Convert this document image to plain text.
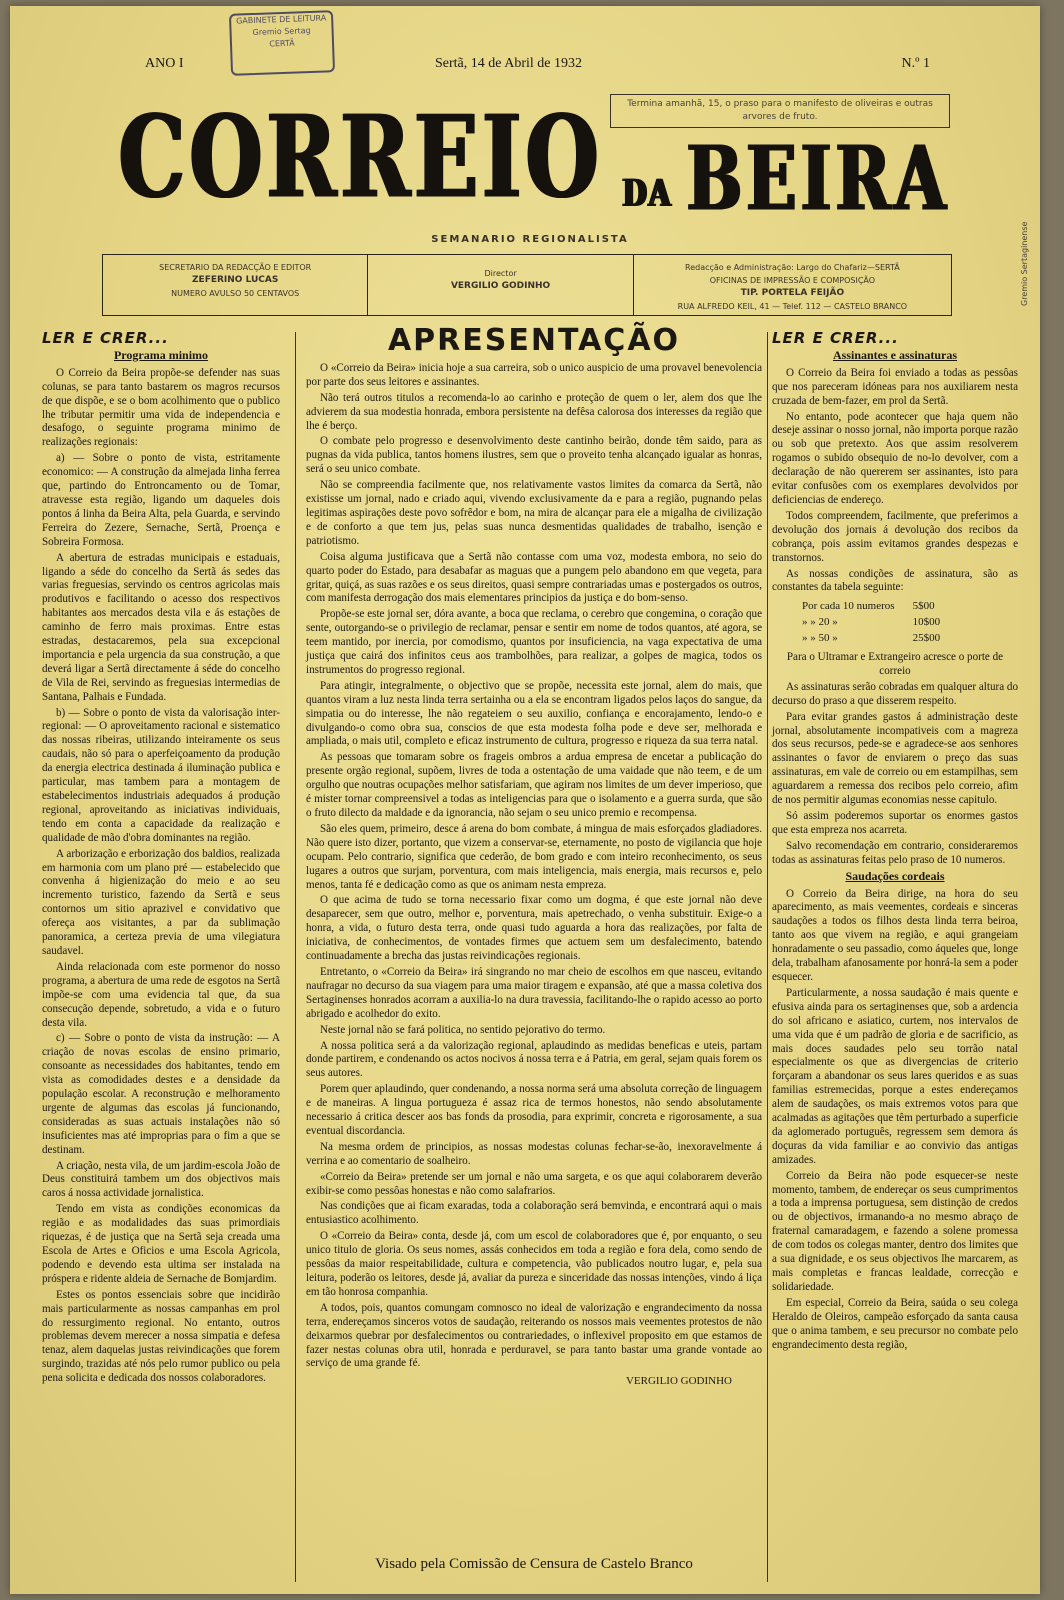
GABINETE DE LEITURA
Gremio Sertag
CERTÃ
ANO I	Sertã, 14 de Abril de 1932	N.º 1
Termina amanhã, 15, o praso para o manifesto de oliveiras e outras arvores de fruto.
CORREIO DA BEIRA
SEMANARIO REGIONALISTA
SECRETARIO DA REDACÇÃO E EDITOR
ZEFERINO LUCAS
NUMERO AVULSO 50 CENTAVOS
Director
VERGILIO GODINHO
Redacção e Administração: Largo do Chafariz—SERTÃ
OFICINAS DE IMPRESSÃO E COMPOSIÇÃO
TIP. PORTELA FEIJÃO
RUA ALFREDO KEIL, 41 — Telef. 112 — CASTELO BRANCO
Gremio Sertaginense
LER E CRER...
Programa minimo

O Correio da Beira propõe-se defender nas suas colunas, se para tanto bastarem os magros recursos de que dispõe, e se o bom acolhimento que o publico lhe tributar permitir uma vida de independencia e desafogo, o seguinte programa minimo de realizações regionais:

a) — Sobre o ponto de vista, estritamente economico: — A construção da almejada linha ferrea que, partindo do Entroncamento ou de Tomar, atravesse esta região, ligando um daqueles dois pontos á linha da Beira Alta, pela Guarda, e servindo Ferreira do Zezere, Sernache, Sertã, Proença e Sobreira Formosa.

A abertura de estradas municipais e estaduais, ligando a séde do concelho da Sertã ás sedes das varias freguesias, servindo os centros agricolas mais produtivos e facilitando o acesso dos respectivos habitantes aos mercados desta vila e ás estações de caminho de ferro mais proximas. Entre estas estradas, destacaremos, pela sua excepcional importancia e pela urgencia da sua construção, a que deverá ligar a Sertã directamente á séde do concelho de Vila de Rei, servindo as freguesias intermedias de Santana, Palhais e Fundada.

b) — Sobre o ponto de vista da valorisação inter-regional: — O aproveitamento racional e sistematico das nossas ribeiras, utilizando inteiramente os seus caudais, não só para o aperfeiçoamento da produção da energia electrica destinada á iluminação publica e particular, mas tambem para a montagem de estabelecimentos industriais adequados á produção regional, aproveitando as iniciativas individuais, tendo em conta a capacidade da realização e qualidade de mão d'obra dominantes na região.

A arborização e erborização dos baldios, realizada em harmonia com um plano pré — estabelecido que convenha á higienização do meio e ao seu incremento turistico, fazendo da Sertã e seus contornos um sitio aprazivel e convidativo que ofereça aos visitantes, a par da sublimação panoramica, a certeza previa de uma vilegiatura saudavel.

Ainda relacionada com este pormenor do nosso programa, a abertura de uma rede de esgotos na Sertã impõe-se com uma evidencia tal que, da sua consecução depende, sobretudo, a vida e o futuro desta vila.

c) — Sobre o ponto de vista da instrução: — A criação de novas escolas de ensino primario, consoante as necessidades dos habitantes, tendo em vista as comodidades destes e a densidade da população escolar. A reconstrução e melhoramento urgente de algumas das escolas já funcionando, consideradas as suas actuais instalações não só insuficientes mas até improprias para o fim a que se destinam.

A criação, nesta vila, de um jardim-escola João de Deus constituirá tambem um dos objectivos mais caros á nossa actividade jornalistica.

Tendo em vista as condições economicas da região e as modalidades das suas primordiais riquezas, é de justiça que na Sertã seja creada uma Escola de Artes e Oficios e uma Escola Agricola, podendo e devendo esta ultima ser instalada na próspera e ridente aldeia de Sernache de Bomjardim.

Estes os pontos essenciais sobre que incidirão mais particularmente as nossas campanhas em prol do ressurgimento regional. No entanto, outros problemas devem merecer a nossa simpatia e defesa tenaz, alem daquelas justas reivindicações que forem surgindo, trazidas até nós pelo rumor publico ou pela pena solicita e dedicada dos nossos colaboradores.

APRESENTAÇÃO

O «Correio da Beira» inicia hoje a sua carreira, sob o unico auspicio de uma provavel benevolencia por parte dos seus leitores e assinantes.

Não terá outros titulos a recomenda-lo ao carinho e proteção de quem o ler, alem dos que lhe advierem da sua modestia honrada, embora persistente na defêsa calorosa dos interesses da região que lhe é berço.

O combate pelo progresso e desenvolvimento deste cantinho beirão, donde têm saido, para as pugnas da vida publica, tantos homens ilustres, sem que o proveito tenha alcançado igualar as honras, será o seu unico combate.

Não se compreendia facilmente que, nos relativamente vastos limites da comarca da Sertã, não existisse um jornal, nado e criado aqui, vivendo exclusivamente da e para a região, pugnando pelas legitimas aspirações deste povo sofrêdor e bom, na mira de alcançar para ele a migalha de civilização e de conforto a que tem jus, pelas suas nunca desmentidas qualidades de trabalho, isenção e patriotismo.

Coisa alguma justificava que a Sertã não contasse com uma voz, modesta embora, no seio do quarto poder do Estado, para desabafar as maguas que a pungem pelo abandono em que vegeta, para gritar, quiçá, as suas razões e os seus direitos, quasi sempre contrariadas umas e postergados os outros, com manifesta derrogação dos mais elementares principios da justiça e do bom-senso.

Propõe-se este jornal ser, dóra avante, a boca que reclama, o cerebro que congemina, o coração que sente, outorgando-se o privilegio de reclamar, pensar e sentir em nome de todos quantos, até agora, se teem mantido, por inercia, por comodismo, quantos por insuficiencia, na vaga expectativa de uma justiça que cairá dos infinitos ceus aos trambolhões, para realizar, a golpes de magica, todos os instrumentos do progresso regional.

Para atingir, integralmente, o objectivo que se propõe, necessita este jornal, alem do mais, que quantos viram a luz nesta linda terra sertainha ou a ela se encontram ligados pelos laços do sangue, da simpatia ou do interesse, lhe não regateiem o seu auxilio, confiança e encorajamento, lendo-o e divulgando-o como obra sua, conscios de que esta modesta folha pode e deve ser, melhorada e ampliada, o mais util, completo e eficaz instrumento de cultura, progresso e riqueza da sua terra natal.

As pessoas que tomaram sobre os frageis ombros a ardua empresa de encetar a publicação do presente orgão regional, supõem, livres de toda a ostentação de uma vaidade que não teem, e de um orgulho que noutras ocupações melhor satisfariam, que agiram nos limites de um dever imperioso, que é mister tornar compreensivel a todas as inteligencias para que o isolamento e a guerra surda, que são o fruto dilecto da maldade e da ignorancia, não sejam o seu unico premio e recompensa.

São eles quem, primeiro, desce á arena do bom combate, á mingua de mais esforçados gladiadores. Não quere isto dizer, portanto, que vizem a conservar-se, eternamente, no posto de vigilancia que hoje ocupam. Pelo contrario, significa que cederão, de bom grado e com inteiro reconhecimento, os seus lugares a outros que surjam, porventura, com mais inteligencia, mais energia, mais recursos e, pelo menos, tanta fé e dedicação como as que os animam nesta empreza.

O que acima de tudo se torna necessario fixar como um dogma, é que este jornal não deve desaparecer, sem que outro, melhor e, porventura, mais apetrechado, o venha substituir. Exige-o a honra, a vida, o futuro desta terra, onde quasi tudo aguarda a hora das realizações, por falta de iniciativa, de conhecimentos, de vontades firmes que actuem sem um desfalecimento, batendo continuadamente a brecha das justas reivindicações regionais.

Entretanto, o «Correio da Beira» irá singrando no mar cheio de escolhos em que nasceu, evitando naufragar no decurso da sua viagem para uma maior tiragem e expansão, até que a massa coletiva dos Sertaginenses honrados acorram a auxilia-lo na dura travessia, facilitando-lhe o rapido acesso ao porto abrigado e acolhedor do exito.

Neste jornal não se fará politica, no sentido pejorativo do termo.

A nossa politica será a da valorização regional, aplaudindo as medidas beneficas e uteis, partam donde partirem, e condenando os actos nocivos á nossa terra e á Patria, em geral, sejam quais forem os seus autores.

Porem quer aplaudindo, quer condenando, a nossa norma será uma absoluta correção de linguagem e de maneiras. A lingua portugueza é assaz rica de termos honestos, não sendo absolutamente necessario á critica descer aos bas fonds da prosodia, para exprimir, concreta e rigorosamente, a sua eventual discordancia.

Na mesma ordem de principios, as nossas modestas colunas fechar-se-ão, inexoravelmente á verrina e ao comentario de soalheiro.

«Correio da Beira» pretende ser um jornal e não uma sargeta, e os que aqui colaborarem deverão exibir-se como pessôas honestas e não como salafrarios.

Nas condições que ai ficam exaradas, toda a colaboração será bemvinda, e encontrará aqui o mais entusiastico acolhimento.

O «Correio da Beira» conta, desde já, com um escol de colaboradores que é, por enquanto, o seu unico titulo de gloria. Os seus nomes, assás conhecidos em toda a região e fora dela, como sendo de pessôas da maior respeitabilidade, cultura e competencia, vão publicados noutro lugar, e, pela sua leitura, poderão os leitores, desde já, avaliar da pureza e sinceridade das nossas intenções, vindo á liça em tão honrosa companhia.

A todos, pois, quantos comungam comnosco no ideal de valorização e engrandecimento da nossa terra, endereçamos sinceros votos de saudação, reiterando os nossos mais veementes protestos de não deixarmos quebrar por desfalecimentos ou contrariedades, o inflexivel proposito em que estamos de fazer nestas colunas obra util, honrada e perduravel, se para tanto bastar uma grande vontade ao serviço de uma grande fé.

VERGILIO GODINHO
Visado pela Comissão de Censura de Castelo Branco
LER E CRER...
Assinantes e assinaturas

O Correio da Beira foi enviado a todas as pessôas que nos pareceram idóneas para nos auxiliarem nesta cruzada de bem-fazer, em prol da Sertã.

No entanto, pode acontecer que haja quem não deseje assinar o nosso jornal, não importa porque razão ou sob que pretexto. Aos que assim resolverem rogamos o subido obsequio de no-lo devolver, com a declaração de não quererem ser assinantes, isto para evitar confusões com os exemplares devolvidos por deficiencias de endereço.

Todos compreendem, facilmente, que preferimos a devolução dos jornais á devolução dos recibos da cobrança, pois assim evitamos grandes despezas e transtornos.

As nossas condições de assinatura, são as constantes da tabela seguinte:

Por cada 10 numeros	5$00
» » 20 »	10$00
» » 50 »	25$00

Para o Ultramar e Extrangeiro acresce o porte de correio

As assinaturas serão cobradas em qualquer altura do decurso do praso a que disserem respeito.

Para evitar grandes gastos á administração deste jornal, absolutamente incompativeis com a magreza dos seus recursos, pede-se e agradece-se aos senhores assinantes o favor de enviarem o preço das suas assinaturas, em vale de correio ou em estampilhas, sem aguardarem a remessa dos recibos pelo correio, afim de nos permitir algumas economias nesse capitulo.

Só assim poderemos suportar os enormes gastos que esta empreza nos acarreta.

Salvo recomendação em contrario, consideraremos todas as assinaturas feitas pelo praso de 10 numeros.

Saudações cordeais

O Correio da Beira dirige, na hora do seu aparecimento, as mais veementes, cordeais e sinceras saudações a todos os filhos desta linda terra beiroa, tanto aos que vivem na região, e aqui grangeiam honradamente o seu passadio, como áqueles que, longe dela, trabalham afanosamente por honrá-la sem a poder esquecer.

Particularmente, a nossa saudação é mais quente e efusiva ainda para os sertaginenses que, sob a ardencia do sol africano e asiatico, curtem, nos intervalos de uma vida que é um padrão de gloria e de sacrificio, as mais doces saudades pelo seu torrão natal especialmente os que as divergencias de criterio forçaram a abandonar os seus lares queridos e as suas familias estremecidas, porque a estes endereçamos alem de saudações, os mais extremos votos para que acalmadas as agitações que têm perturbado a superficie da aglomerado português, regressem sem demora ás doçuras da vida familiar e ao convivio das antigas amizades.

Correio da Beira não pode esquecer-se neste momento, tambem, de endereçar os seus cumprimentos a toda a imprensa portuguesa, sem distinção de credos ou de objectivos, irmanando-a no mesmo abraço de fraternal camaradagem, e fazendo a solene promessa de com todos os colegas manter, dentro dos limites que a sua dignidade, e os seus objectivos lhe marcarem, as mais completas e francas lealdade, correcção e solidariedade.

Em especial, Correio da Beira, saúda o seu colega Heraldo de Oleiros, campeão esforçado da santa causa que o anima tambem, e seu precursor no combate pelo engrandecimento desta região,
